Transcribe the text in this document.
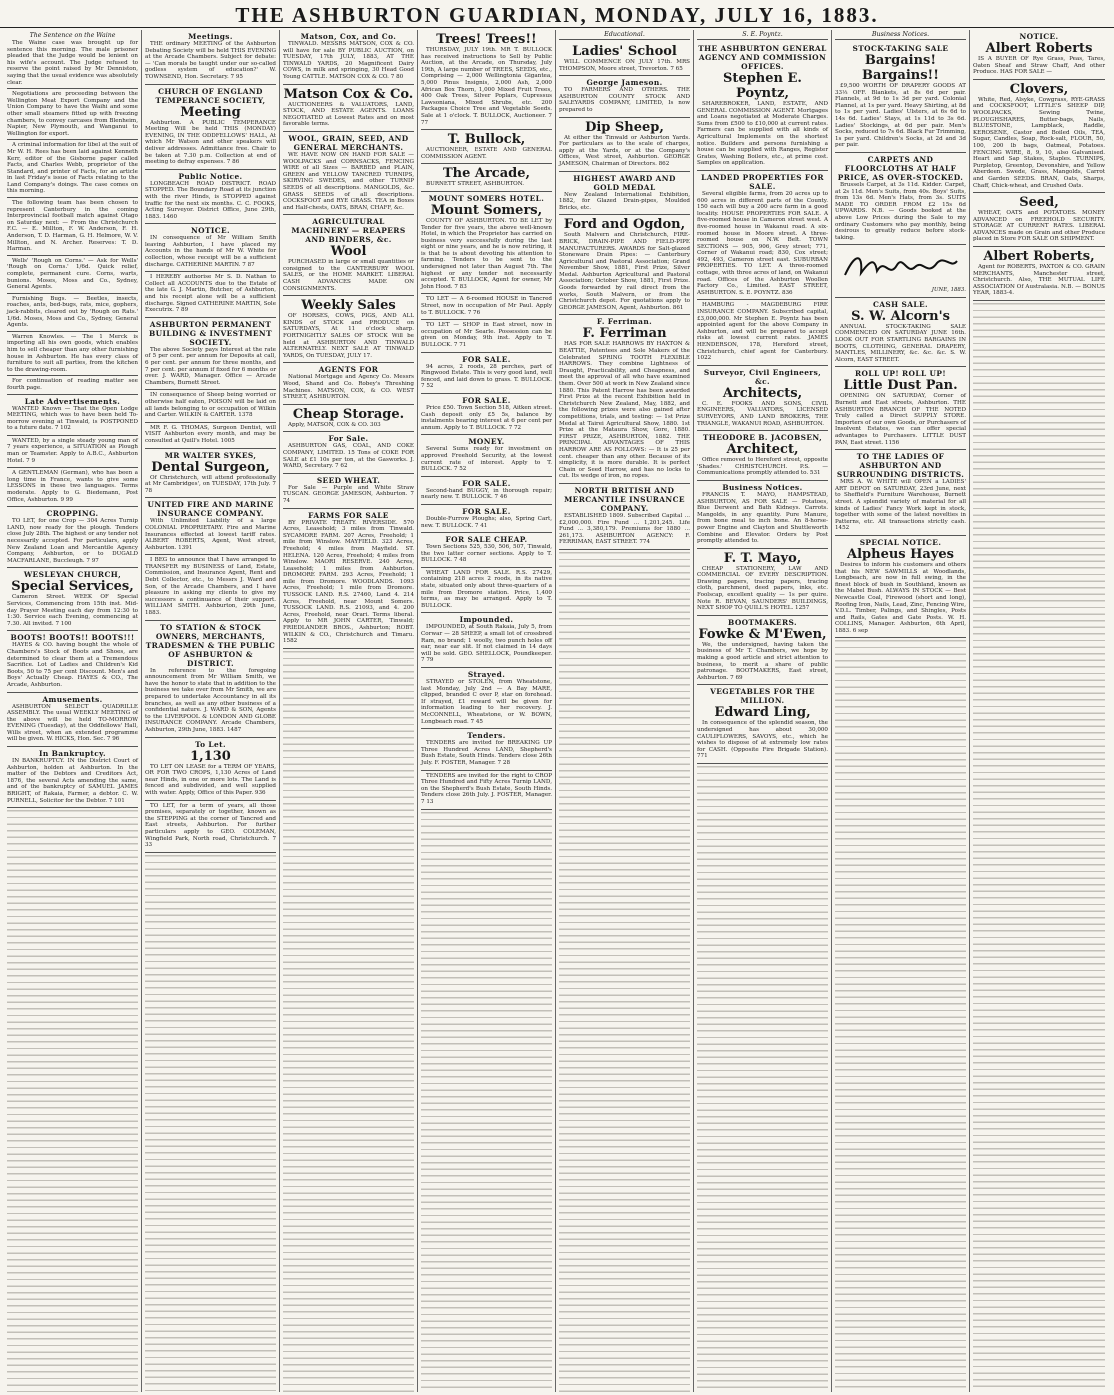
THE ASHBURTON GUARDIAN, MONDAY, JULY 16, 1883.
The Sentence on the Waine

The Waine case was brought up for sentence this morning. The male prisoner pleaded that the Judge would be lenient on his wife's account. The Judge refused to reserve the point raised by Mr Denniston, saying that the usual evidence was absolutely clear.

Negotiations are proceeding between the Wellington Meat Export Company and the Union Company to have the Waihi and some other small steamers fitted up with freezing chambers, to convey carcases from Blenheim, Napier, New Plymouth, and Wanganui to Wellington for export.

A criminal information for libel at the suit of Mr W. H. Rees has been laid against Kenneth Kerr, editor of the Gisborne paper called Facts, and Charles Webb, proprietor of the Standard, and printer of Facts, for an article in last Friday's issue of Facts relating to the Land Company's doings. The case comes on this morning.

The following team has been chosen to represent Canterbury in the coming Interprovincial football match against Otago on Saturday next: — From the Christchurch F.C. — E. Millton, F. W. Anderson, F. H. Anderson, T. D. Harman, G. H. Helmore, W. V. Millton, and N. Archer. Reserves: T. D. Harman.

Wells' 'Rough on Corns.' — Ask for Wells' 'Rough on Corns.' 1/6d. Quick relief, complete, permanent cure. Corns, warts, bunions. Moses, Moss and Co., Sydney, General Agents.

Furnishing Bugs. — Beetles, insects, roaches, ants, bed-bugs, rats, mice, gophers, jack-rabbits, cleared out by 'Rough on Rats.' 1/6d. Moses, Moss and Co., Sydney, General Agents.

Warren Knowles. — The 1 Merck is importing all his own goods, which enables him to sell cheaper than any other furnishing house in Ashburton. He has every class of furniture to suit all parties, from the kitchen to the drawing-room.

For continuation of reading matter see fourth page.

Late Advertisements.
WANTED Known — That the Open Lodge MEETING, which was to have been held To-morrow evening at Tinwald, is POSTPONED to a future date. 7 102
WANTED, by a single steady young man of 7 years experience, a SITUATION as Plough man or Teamster. Apply to A.B.C., Ashburton Hotel. 7 9
A GENTLEMAN (German), who has been a long time in France, wants to give some LESSONS in these two languages. Terms moderate. Apply to G. Biedemann, Post Office, Ashburton. 9 99
CROPPING.
TO LET, for one Crop — 304 Acres Turnip LAND, now ready for the plough. Tenders close July 28th. The highest or any tender not necessarily accepted. For particulars, apply New Zealand Loan and Mercantile Agency Company, Ashburton, or to DUGALD MACFARLANE, Buccleugh. 7 97
WESLEYAN CHURCH,
Special Services,
Cameron Street. WEEK OF Special Services, Commencing from 15th inst. Mid-day Prayer Meeting each day from 12:30 to 1:30. Service each Evening, commencing at 7.30. All invited. 7 100
BOOTS! BOOTS!! BOOTS!!!
HAYES & CO. having bought the whole of Chambers's Stock of Boots and Shoes, are determined to clear them at a Tremendous Sacrifice. Lot of Ladies and Children's Kid Boots, 50 to 75 per cent Discount. Men's and Boys' Actually Cheap. HAYES & CO., The Arcade, Ashburton.
Amusements.
ASHBURTON SELECT QUADRILLE ASSEMBLY. The usual WEEKLY MEETING of the above will be held TO-MORROW EVENING (Tuesday), at the Oddfellows' Hall, Wills street, when an extended programme will be given. W. HICKS, Hon. Sec. 7 96
In Bankruptcy.
IN BANKRUPTCY. IN the District Court of Ashburton, holden at Ashburton. In the matter of the Debtors and Creditors Act, 1876, the several Acts amending the same, and of the bankruptcy of SAMUEL JAMES BRIGHT, of Rakaia, Farmer, a debtor. C. W. PURNELL, Solicitor for the Debtor. 7 101
Meetings.
THE ordinary MEETING of the Ashburton Debating Society will be held THIS EVENING at the Arcade Chambers. Subject for debate: — 'Can morals be taught under our so-called godless system of education?' W. TOWNSEND, Hon. Secretary. 7 95
CHURCH OF ENGLAND TEMPERANCE SOCIETY,
Meeting
Ashburton. A PUBLIC TEMPERANCE Meeting Will be held THIS (MONDAY) EVENING, IN THE ODDFELLOWS' HALL, At which Mr Watson and other speakers will deliver addresses. Admittance free. Chair to be taken at 7.30 p.m. Collection at end of meeting to defray expenses. 7 86
Public Notice.
LONGBEACH ROAD DISTRICT. ROAD STOPPED. The Boundary Road at its junction with the river Hinds, is STOPPED against traffic for the next six months. C. C. FOOKS, Acting Surveyor. District Office, June 29th, 1883. 1460
NOTICE.
IN consequence of Mr William Smith leaving Ashburton, I have placed my Accounts in the hands of Mr W. White for collection, whose receipt will be a sufficient discharge. CATHERINE MARTIN. 7 87
I HEREBY authorise Mr S. D. Nathan to Collect all ACCOUNTS due to the Estate of the late G. J. Martin, Butcher, of Ashburton, and his receipt alone will be a sufficient discharge. Signed CATHERINE MARTIN, Sole Executrix. 7 89
ASHBURTON PERMANENT BUILDING & INVESTMENT SOCIETY.
The above Society pays Interest at the rate of 5 per cent. per annum for Deposits at call, 6 per cent. per annum for three months, and 7 per cent. per annum if fixed for 6 months or over. J. WARD, Manager. Office — Arcade Chambers, Burnett Street.
IN consequence of Sheep being worried or otherwise half eaten, POISON will be laid on all lands belonging to or occupation of Wilkin and Carter. WILKIN & CARTER. 1378
MR F. G. THOMAS, Surgeon Dentist, will VISIT Ashburton every month, and may be consulted at Quill's Hotel. 1005
MR WALTER SYKES,
Dental Surgeon,
Of Christchurch, will attend professionally at Mr Cambridges', on TUESDAY, 17th July. 7 78
UNITED FIRE AND MARINE INSURANCE COMPANY.
With Unlimited Liability of a large COLONIAL PROPRIETARY. Fire and Marine Insurances effected at lowest tariff rates. ALBERT ROBERTS, Agent, West street, Ashburton. 1391
I BEG to announce that I have arranged to TRANSFER my BUSINESS of Land, Estate, Commission, and Insurance Agent, Rent and Debt Collector, etc., to Messrs J. Ward and Son, of the Arcade Chambers, and I have pleasure in asking my clients to give my successors a continuance of their support. WILLIAM SMITH. Ashburton, 29th June, 1883.
TO STATION & STOCK OWNERS, MERCHANTS, TRADESMEN & THE PUBLIC OF ASHBURTON & DISTRICT.
In reference to the foregoing announcement from Mr William Smith, we have the honor to state that in addition to the business we take over from Mr Smith, we are prepared to undertake Accountancy in all its branches, as well as any other business of a confidential nature. J. WARD & SON, Agents to the LIVERPOOL & LONDON AND GLOBE INSURANCE COMPANY. Arcade Chambers, Ashburton, 29th June, 1883. 1487
To Let.
1,130
TO LET ON LEASE for a TERM OF YEARS, OR FOR TWO CROPS, 1,130 Acres of Land near Hinds, in one or more lots. The Land is fenced and subdivided, and well supplied with water. Apply, Office of this Paper. 936
TO LET, for a term of years, all those premises, separately or together, known as the STEPPING at the corner of Tancred and East streets, Ashburton. For further particulars apply to GEO. COLEMAN, Wingfield Park, North road, Christchurch. 7 33
Matson, Cox, and Co.
TINWALD. MESSRS MATSON, COX & CO. will have for sale BY PUBLIC AUCTION, on TUESDAY, 17th JULY, 1883, AT THE TINWALD YARDS, 20 Magnificent Dairy COWS, in milk and springing, 30 Head Good Young CATTLE. MATSON COX & CO. 7 80
Matson Cox & Co.
AUCTIONEERS & VALUATORS, LAND, STOCK, AND ESTATE AGENTS. LOANS NEGOTIATED at Lowest Rates and on most favorable terms.
WOOL, GRAIN, SEED, AND GENERAL MERCHANTS.
WE HAVE NOW ON HAND FOR SALE — WOOLPACKS and CORNSACKS, FENCING WIRE of all Sizes — BARBED and PLAIN, GREEN and YELLOW TANCRED TURNIPS, SKIRVING SWEDES, and other TURNIP SEEDS of all descriptions. MANGOLDS, &c. GRASS SEEDS of all descriptions. COCKSFOOT and RYE GRASS. TEA in Boxes and Half-chests, OATS, BRAN, CHAFF, &c.
AGRICULTURAL MACHINERY — REAPERS AND BINDERS, &c.
Wool
PURCHASED in large or small quantities or consigned to the CANTERBURY WOOL SALES, or the HOME MARKET. LIBERAL CASH ADVANCES MADE ON CONSIGNMENTS.
Weekly Sales
OF HORSES, COWS, PIGS, AND ALL KINDS of STOCK and PRODUCE on SATURDAYS, At 11 o'clock sharp. FORTNIGHTLY SALES OF STOCK Will be held at ASHBURTON AND TINWALD ALTERNATELY. NEXT SALE AT TINWALD YARDS, On TUESDAY, JULY 17.
AGENTS FOR
National Mortgage and Agency Co. Messrs Wood, Shand and Co. Robey's Threshing Machines. MATSON, COX, & CO. WEST STREET, ASHBURTON.
Cheap Storage.
Apply, MATSON, COX & CO. 303
For Sale.
ASHBURTON GAS, COAL, AND COKE COMPANY, LIMITED. 15 Tons of COKE FOR SALE at £1 10s per ton, at the Gasworks. J. WARD, Secretary. 7 62
SEED WHEAT.
For Sale — Purple and White Straw TUSCAN. GEORGE JAMESON, Ashburton. 7 74
FARMS FOR SALE
BY PRIVATE TREATY. RIVERSIDE. 570 Acres, Leasehold; 3 miles from Tinwald. SYCAMORE FARM. 207 Acres, Freehold; 1 mile from Winslow. MAYFIELD. 323 Acres, Freehold; 4 miles from Mayfield. ST. HELENA. 120 Acres, Freehold; 4 miles from Winslow. MAORI RESERVE. 240 Acres, Leasehold; 1 miles from Ashburton. DROMORE FARM. 293 Acres, Freehold; 1 mile from Dromore. WOODLANDS. 1093 Acres, Freehold; 1 mile from Dromore. TUSSOCK LAND. R.S. 27460, Land 4. 214 Acres, Freehold, near Mount Somers. TUSSOCK LAND. R.S. 21093, and 4. 200 Acres, Freehold, near Orari. Terms liberal. Apply to MR JOHN CARTER, Tinwald; FRIEDLANDER BROS., Ashburton; ROBT. WILKIN & CO., Christchurch and Timaru. 1582
Trees! Trees!!
THURSDAY, JULY 19th. MR T. BULLOCK has received instructions to Sell by Public Auction, at the Arcade, on Thursday, July 19th, A large number of TREES, SEEDS, etc., Comprising — 2,000 Wellingtonia Gigantea, 5,000 Pinus Insignis, 2,000 Ash, 2,000 African Box Thorn, 1,000 Mixed Fruit Trees, 400 Oak Trees, Silver Poplars, Cupressus Lawsoniana, Mixed Shrubs, etc. 200 Packages Choice Tree and Vegetable Seeds. Sale at 1 o'clock. T. BULLOCK, Auctioneer. 7 77
T. Bullock,
AUCTIONEER, ESTATE AND GENERAL COMMISSION AGENT.
The Arcade,
BURNETT STREET, ASHBURTON.
MOUNT SOMERS HOTEL.
Mount Somers,
COUNTY OF ASHBURTON. TO BE LET by Tender for five years, the above well-known Hotel, in which the Proprietor has carried on business very successfully during the last eight or nine years, and he is now retiring, it is that he is about devoting his attention to farming. Tenders to be sent to the undersigned not later than August 7th. The highest or any tender not necessarily accepted. T. BULLOCK, Agent for owner, Mr John Hood. 7 83
TO LET — A 6-roomed HOUSE in Tancred Street, now in occupation of Mr Paul. Apply to T. BULLOCK. 7 76
TO LET — SHOP in East street, now in occupation of Mr Searle. Possession can be given on Monday, 9th inst. Apply to T. BULLOCK. 7 71
FOR SALE.
94 acres, 2 roods, 28 perches, part of Ringwood Estate. This is very good land, well fenced, and laid down to grass. T. BULLOCK. 7 52
FOR SALE.
Price £50. Town Section 518, Aitken street. Cash deposit only £5 5s, balance by instalments bearing interest at 6 per cent per annum. Apply to T. BULLOCK. 7 72
MONEY.
Several Sums ready for investment on approved Freehold Security, at the lowest current rate of interest. Apply to T. BULLOCK. 7 52
FOR SALE.
Second-hand BUGGY, in thorough repair; nearly new. T. BULLOCK. 7 46
FOR SALE.
Double-Furrow Ploughs; also, Spring Cart, new. T. BULLOCK. 7 41
FOR SALE CHEAP.
Town Sections 525, 530, 506, 507, Tinwald, the two latter corner sections. Apply to T. BULLOCK. 7 48
WHEAT LAND FOR SALE. R.S. 27429, containing 218 acres 2 roods, in its native state, situated only about three-quarters of a mile from Dromore station. Price, 1,400 terms, as may be arranged. Apply to T. BULLOCK.
Impounded.
IMPOUNDED, at South Rakaia, July 5, from Corwar — 28 SHEEP, a small lot of crossbred Ram, no brand; 1 woolly, two punch holes off ear, near ear slit. If not claimed in 14 days will be sold. GEO. SHELLOCK, Poundkeeper. 7 79
Strayed.
STRAYED or STOLEN, from Wheatstone, last Monday, July 2nd — A Bay MARE, clipped, branded C over P, star on forehead. If strayed, £1 reward will be given for information leading to her recovery. J. McCONNELL, Wheatstone, or W. BOWN, Longbeach road. 7 45
Tenders.
TENDERS are invited for BREAKING UP Three Hundred Acres LAND, Shepherd's Bush Estate, South Hinds. Tenders close 26th July. F. FOSTER, Manager. 7 28
TENDERS are invited for the right to CROP Three Hundred and Fifty Acres Turnip LAND, on the Shepherd's Bush Estate, South Hinds. Tenders close 26th July. J. FOSTER, Manager. 7 13
Educational.
Ladies' School
WILL COMMENCE ON JULY 17th. MRS THOMPSON, Moore street, Trevorton. 7 65
George Jameson.
TO FARMERS AND OTHERS. THE ASHBURTON COUNTY STOCK AND SALEYARDS COMPANY, LIMITED, Is now prepared to
Dip Sheep,
At either the Tinwald or Ashburton Yards. For particulars as to the scale of charges, apply at the Yards, or at the Company's Offices, West street, Ashburton. GEORGE JAMESON, Chairman of Directors. 862
HIGHEST AWARD AND GOLD MEDAL
New Zealand International Exhibition, 1882, for Glazed Drain-pipes, Moulded Bricks, etc.
Ford and Ogdon,
South Malvern and Christchurch, FIRE-BRICK, DRAIN-PIPE AND FIELD-PIPE MANUFACTURERS. AWARDS for Salt-glazed Stoneware Drain Pipes: — Canterbury Agricultural and Pastoral Association; Grand November Show, 1881, First Prize, Silver Medal. Ashburton Agricultural and Pastoral Association; October Show, 1881, First Prize. Goods forwarded by rail direct from the works, South Malvern, or from the Christchurch depot. For quotations apply to GEORGE JAMESON, Agent, Ashburton. 861
F. Ferriman.
F. Ferriman
HAS FOR SALE HARROWS BY HAXTON & BEATTIE, Patentees and Sole Makers of the Celebrated SPRING TOOTH FLEXIBLE HARROWS. They combine Lightness of Draught, Practicability, and Cheapness, and meet the approval of all who have examined them. Over 500 at work in New Zealand since 1880. This Patent Harrow has been awarded First Prize at the recent Exhibition held in Christchurch New Zealand, May, 1882, and the following prizes were also gained after competitions, trials, and testing: — 1st Prize Medal at Tairei Agricultural Show, 1880. 1st Prize at the Mataura Show, Gore, 1880. FIRST PRIZE, ASHBURTON, 1882. THE PRINCIPAL ADVANTAGES OF THIS HARROW ARE AS FOLLOWS: — It is 25 per cent. cheaper than any other. Because of its simplicity, it is more durable. It is perfect Chain or Seed Harrow, and has no locks to cut. Its wedge of iron, no ropes.
NORTH BRITISH AND MERCANTILE INSURANCE COMPANY.
ESTABLISHED 1809. Subscribed Capital ... £2,000,000. Fire Fund ... 1,201,245. Life Fund ... 3,380,179. Premiums for 1880 ... 261,173. ASHBURTON AGENCY: F. FERRIMAN, EAST STREET. 774
S. E. Poyntz.
THE ASHBURTON GENERAL AGENCY AND COMMISSION OFFICES.
Stephen E. Poyntz,
SHAREBROKER, LAND, ESTATE, AND GENERAL COMMISSION AGENT. Mortgages and Loans negotiated at Moderate Charges. Sums from £500 to £10,000 at current rates. Farmers can be supplied with all kinds of Agricultural Implements on the shortest notice. Builders and persons furnishing a house can be supplied with Ranges, Register Grates, Washing Boilers, etc., at prime cost. Samples on application.
LANDED PROPERTIES FOR SALE.
Several eligible farms, from 20 acres up to 600 acres in different parts of the County. 150 each will buy a 200 acre farm in a good locality. HOUSE PROPERTIES FOR SALE. A five-roomed house in Cameron street west. A five-roomed house in Wakanui road. A six-roomed house in Moore street. A three-roomed house on N.W. Belt. TOWN SECTIONS — 905, 906, Grey street; 771, Corner of Wakanui road; 830, Cox street; 492, 493, Cameron street east. SUBURBAN PROPERTIES. TO LET. A three-roomed cottage, with three acres of land, on Wakanui road. Offices of the Ashburton Woollen Factory Co., Limited. EAST STREET, ASHBURTON. S. E. POYNTZ. 836
HAMBURG - MAGDEBURG FIRE INSURANCE COMPANY. Subscribed capital, £3,000,000. Mr Stephen E. Poyntz has been appointed agent for the above Company in Ashburton, and will be prepared to accept risks at lowest current rates. JAMES HENDERSON, 178, Hereford street, Christchurch, chief agent for Canterbury. 1022
Surveyor, Civil Engineers, &c.
Architects,
C. E. FOOKS AND SONS, CIVIL ENGINEERS, VALUATORS, LICENSED SURVEYORS, AND LAND BROKERS, THE TRIANGLE, WAKANUI ROAD, ASHBURTON.
THEODORE B. JACOBSEN,
Architect,
Office removed to Hereford street, opposite 'Shades.' CHRISTCHURCH. P.S. — Communications promptly attended to. 531
Business Notices.
FRANCIS T. MAYO, HAMPSTEAD, ASHBURTON, AS FOR SALE — Potatoes, Blue Derwent and Bath Kidneys. Carrots. Mangolds, in any quantity. Pure Manure, from bone meal to inch bone. An 8-horse-power Engine and Clayton and Shuttleworth Combine and Elevator. Orders by Post promptly attended to.
F. T. Mayo,
CHEAP STATIONERY, LAW AND COMMERCIAL OF EVERY DESCRIPTION. Drawing papers, tracing papers, tracing cloth, parchment, deed papers, inks, etc. Foolscap, excellent quality — 1s per quire. Note R. BEVAN, SAUNDERS' BUILDINGS, NEXT SHOP TO QUILL'S HOTEL. 1257
BOOTMAKERS.
Fowke & M'Ewen,
We, the undersigned, having taken the business of Mr T. Chambers, we hope by making a good article and strict attention to business, to merit a share of public patronage. BOOTMAKERS, East street, Ashburton. 7 69
VEGETABLES FOR THE MILLION.
Edward Ling,
In consequence of the splendid season, the undersigned has about 30,000 CAULIFLOWERS, SAVOYS, etc., which he wishes to dispose of at extremely low rates for CASH. (Opposite Fire Brigade Station). 771
Business Notices.
STOCK-TAKING SALE
Bargains! Bargains!!
£9,500 WORTH OF DRAPERY GOODS AT 33⅓ OFF. Blankets, at 8s 6d per pair. Flannels, at 9d to 1s 3d per yard. Colonial Flannel, at 1s per yard. Heavy Shirting, at 8d to 1s per yard. Ladies' Ulsters, at 6s 6d to 14s 6d. Ladies' Stays, at 1s 11d to 3s 6d. Ladies' Stockings, at 6d per pair. Men's Socks, reduced to 7s 6d. Black Fur Trimming, 1s per yard. Children's Socks, at 2d and 3d per pair.
CARPETS AND FLOORCLOTHS AT HALF PRICE, AS OVER-STOCKED.
Brussels Carpet, at 3s 11d. Kidder. Carpet, at 2s 11d. Men's Suits, from 40s. Boys' Suits, from 13s 6d. Men's Hats, from 3s. SUITS MADE TO ORDER FROM £2 15s 6d UPWARDS. N.B. — Goods booked at the above Low Prices during the Sale to my ordinary Customers who pay monthly, being desirous to greatly reduce before stock-taking.
JUNE, 1883.
CASH SALE.
S. W. Alcorn's
ANNUAL STOCK-TAKING SALE COMMENCED ON SATURDAY JUNE 16th. LOOK OUT FOR STARTLING BARGAINS IN BOOTS, CLOTHING, GENERAL DRAPERY, MANTLES, MILLINERY, &c. &c. &c. S. W. Alcorn, EAST STREET.
ROLL UP! ROLL UP!
Little Dust Pan.
OPENING ON SATURDAY, Corner of Burnett and East streets, Ashburton. THE ASHBURTON BRANCH OF THE NOTED Truly called a Direct SUPPLY STORE. Importers of our own Goods, or Purchasers of Insolvent Estates, we can offer special advantages to Purchasers. LITTLE DUST PAN, East street. 1156
TO THE LADIES OF ASHBURTON AND SURROUNDING DISTRICTS.
MRS A. W. WHITE will OPEN a LADIES' ART DEPOT on SATURDAY, 23rd June, next to Sheffield's Furniture Warehouse, Burnett street. A splendid variety of material for all kinds of Ladies' Fancy Work kept in stock, together with some of the latest novelties in Patterns, etc. All transactions strictly cash. 1452
SPECIAL NOTICE.
Alpheus Hayes
Desires to inform his customers and others that his NEW SAWMILLS at Woodlands, Longbeach, are now in full swing, in the finest block of bush in Southland, known as the Mabel Bush. ALWAYS IN STOCK — Best Newcastle Coal, Firewood (short and long), Roofing Iron, Nails, Lead, Zinc, Fencing Wire, V.D.L. Timber, Palings, and Shingles, Posts and Rails, Gates and Gate Posts. W. H. COLLINS, Manager. Ashburton, 6th April, 1883. 6 sep
NOTICE.
Albert Roberts
IS A BUYER OF Rye Grass, Peas, Tares, Oaten Sheaf and Straw Chaff, And other Produce. HAS FOR SALE —
Clovers,
White, Red, Alsyke, Cowgrass, RYE-GRASS and COCKSFOOT, LITTLE'S SHEEP DIP, WOOLPACKS, Sewing Twine, PLOUGHSHARES, Butter-bags, Nails, BLUESTONE, Lampblack, Raddle, KEROSENE, Castor and Boiled Oils, TEA, Sugar, Candles, Soap, Rock-salt, FLOUR, 50, 100, 200 lb bags, Oatmeal, Potatoes. FENCING WIRE, 8, 9, 10, also Galvanised. Heart and Sap Stakes, Staples. TURNIPS, Purpletop, Greentop, Devonshire, and Yellow Aberdeen. Swede, Grass, Mangolds, Carrot and Garden SEEDS. BRAN, Oats, Sharps, Chaff, Chick-wheat, and Crushed Oats.
Seed,
WHEAT, OATS and POTATOES. MONEY ADVANCED on FREEHOLD SECURITY. STORAGE AT CURRENT RATES. LIBERAL ADVANCES made on Grain and other Produce placed in Store FOR SALE OR SHIPMENT.
Albert Roberts,
Agent for ROBERTS, PAXTON & CO. GRAIN MERCHANTS, Manchester street, Christchurch. Also, THE MUTUAL LIFE ASSOCIATION Of Australasia. N.B. — BONUS YEAR, 1883-4.
